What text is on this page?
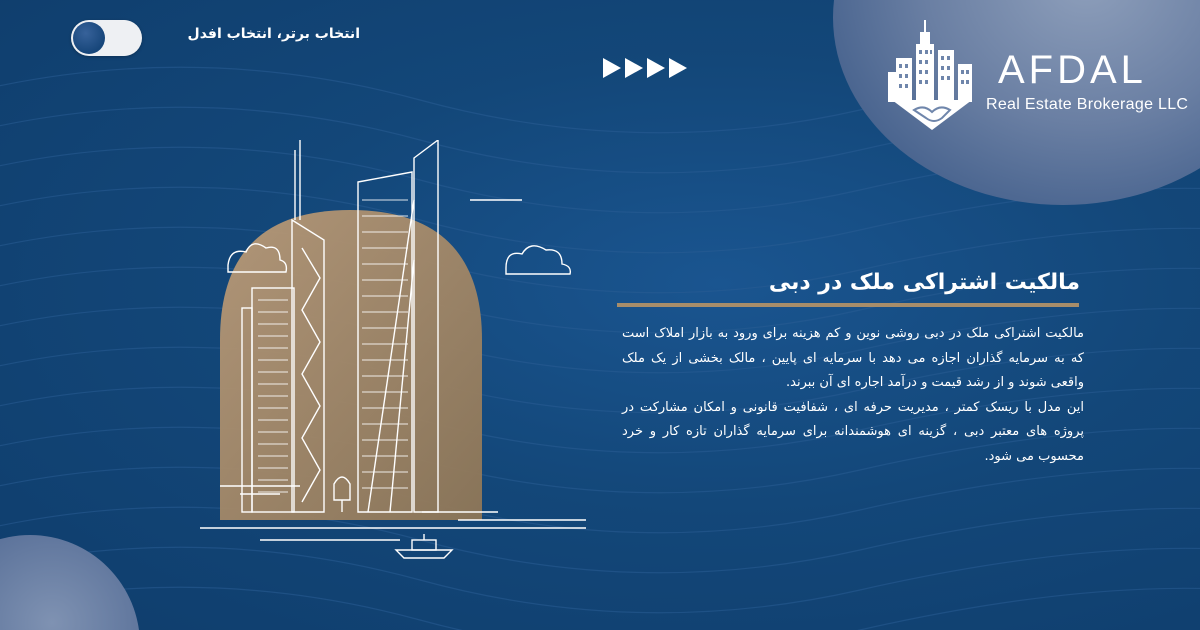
انتخاب برتر، انتخاب افدل
AFDAL
Real Estate Brokerage LLC
مالکیت اشتراکی ملک در دبی

مالکیت اشتراکی ملک در دبی روشی نوین و کم هزینه برای ورود به بازار املاک است که به سرمایه گذاران اجازه می دهد با سرمایه ای پایین ، مالک بخشی از یک ملک واقعی شوند و از رشد قیمت و درآمد اجاره ای آن ببرند.

این مدل با ریسک کمتر ، مدیریت حرفه ای ، شفافیت قانونی و امکان مشارکت در پروژه های معتبر دبی ، گزینه ای هوشمندانه برای سرمایه گذاران تازه کار و خرد محسوب می شود.
